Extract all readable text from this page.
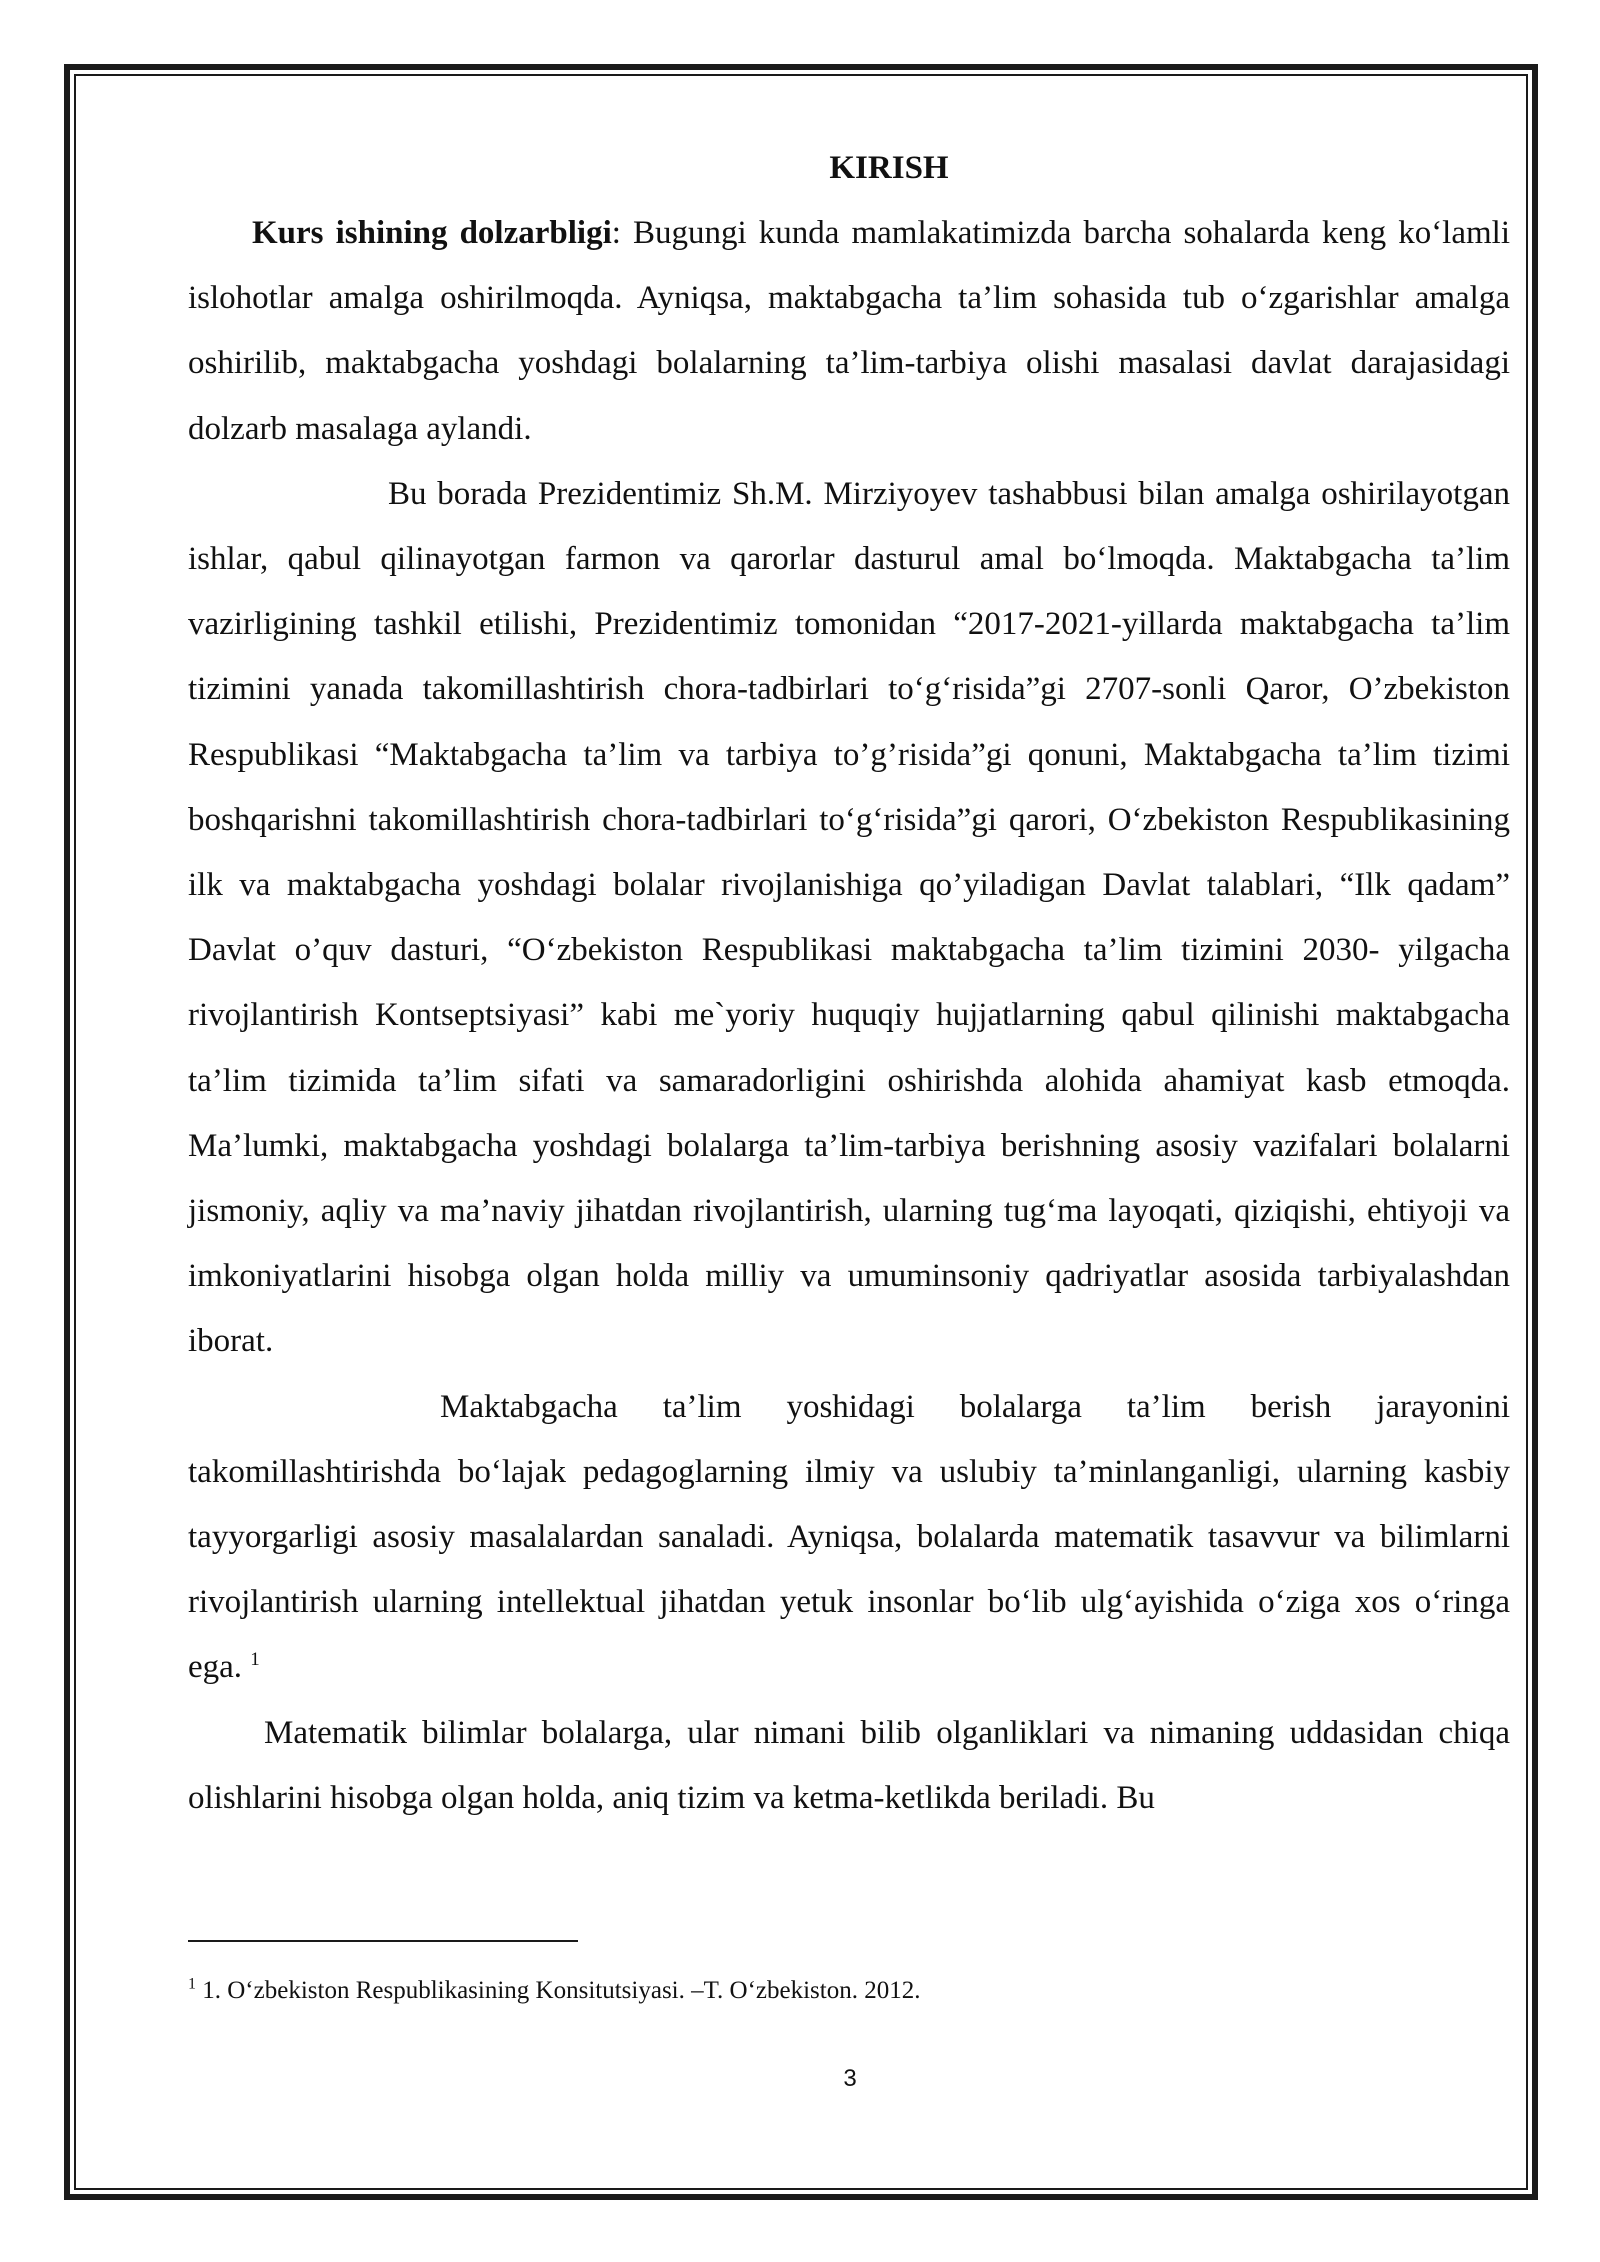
KIRISH

Kurs ishining dolzarbligi: Bugungi kunda mamlakatimizda barcha sohalarda keng ko‘lamli islohotlar amalga oshirilmoqda. Ayniqsa, maktabgacha ta’lim sohasida tub o‘zgarishlar amalga oshirilib, maktabgacha yoshdagi bolalarning ta’lim-tarbiya olishi masalasi davlat darajasidagi dolzarb masalaga aylandi.

Bu borada Prezidentimiz Sh.M. Mirziyoyev tashabbusi bilan amalga oshirilayotgan ishlar, qabul qilinayotgan farmon va qarorlar dasturul amal bo‘lmoqda. Maktabgacha ta’lim vazirligining tashkil etilishi, Prezidentimiz tomonidan “2017-2021-yillarda maktabgacha ta’lim tizimini yanada takomillashtirish chora-tadbirlari to‘g‘risida”gi 2707-sonli Qaror, O’zbekiston Respublikasi “Maktabgacha ta’lim va tarbiya to’g’risida”gi qonuni, Maktabgacha ta’lim tizimi boshqarishni takomillashtirish chora-tadbirlari to‘g‘risida”gi qarori, O‘zbekiston Respublikasining ilk va maktabgacha yoshdagi bolalar rivojlanishiga qo’yiladigan Davlat talablari, “Ilk qadam” Davlat o’quv dasturi, “O‘zbekiston Respublikasi maktabgacha ta’lim tizimini 2030- yilgacha rivojlantirish Kontseptsiyasi” kabi me`yoriy huquqiy hujjatlarning qabul qilinishi maktabgacha ta’lim tizimida ta’lim sifati va samaradorligini oshirishda alohida ahamiyat kasb etmoqda. Ma’lumki, maktabgacha yoshdagi bolalarga ta’lim-tarbiya berishning asosiy vazifalari bolalarni jismoniy, aqliy va ma’naviy jihatdan rivojlantirish, ularning tug‘ma layoqati, qiziqishi, ehtiyoji va imkoniyatlarini hisobga olgan holda milliy va umuminsoniy qadriyatlar asosida tarbiyalashdan iborat.

Maktabgacha ta’lim yoshidagi bolalarga ta’lim berish jarayonini takomillashtirishda bo‘lajak pedagoglarning ilmiy va uslubiy ta’minlanganligi, ularning kasbiy tayyorgarligi asosiy masalalardan sanaladi. Ayniqsa, bolalarda matematik tasavvur va bilimlarni rivojlantirish ularning intellektual jihatdan yetuk insonlar bo‘lib ulg‘ayishida o‘ziga xos o‘ringa ega. $^1$

Matematik bilimlar bolalarga, ular nimani bilib olganliklari va nimaning uddasidan chiqa olishlarini hisobga olgan holda, aniq tizim va ketma-ketlikda beriladi. Bu

$^1$ 1. O‘zbekiston Respublikasining Konsitutsiyasi. –T. O‘zbekiston. 2012.
3
